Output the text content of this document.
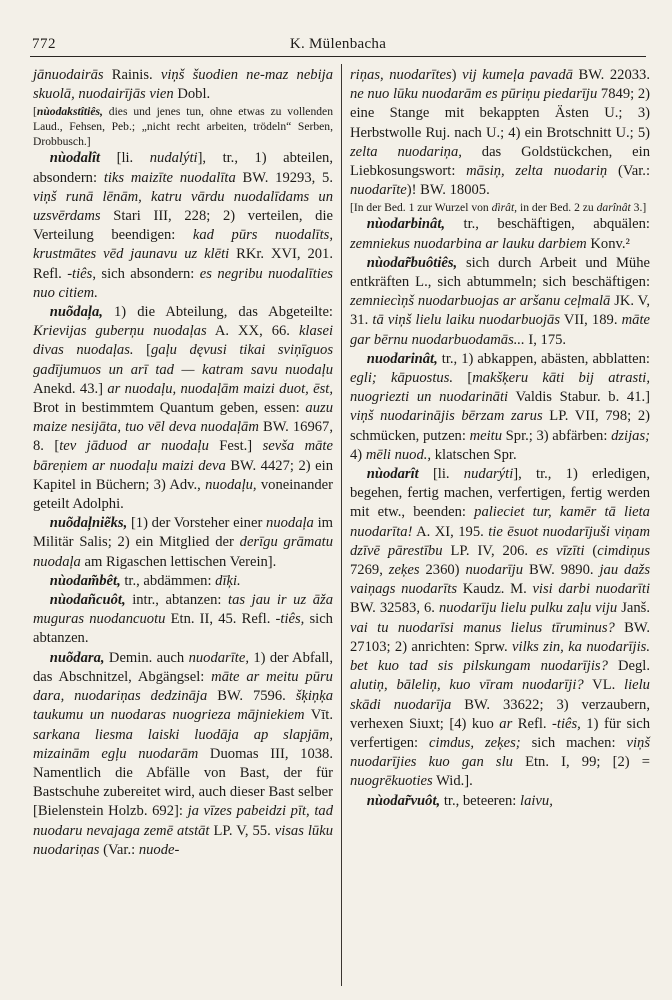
772	K. Mülenbacha

jānuodairās Rainis. viņš šuodien ne-maz nebija skuolā, nuodairījās vien Dobl.

[nùodakstîtiês, dies und jenes tun, ohne etwas zu vollenden Laud., Fehsen, Peb.; „nicht recht arbeiten, trödeln“ Serben, Drobbusch.]

nùodalît [li. nudalýti], tr., 1) abteilen, absondern: tiks maizīte nuodalīta BW. 19293, 5. viņš runā lēnām, katru vārdu nuodalīdams un uzsvērdams Stari III, 228; 2) verteilen, die Verteilung beendigen: kad pūrs nuodalīts, krustmātes vēd jaunavu uz klēti RKr. XVI, 201. Refl. -tiês, sich absondern: es negribu nuodalīties nuo citiem.

nuõdaļa, 1) die Abteilung, das Abgeteilte: Krievijas guberņu nuodaļas A. XX, 66. klasei divas nuodaļas. [gaļu dęvusi tikai sviņīguos gadījumuos un arī tad — katram savu nuodaļu Anekd. 43.] ar nuodaļu, nuodaļām maizi duot, ēst, Brot in bestimmtem Quantum geben, essen: auzu maize nesijāta, tuo vēl deva nuodaļām BW. 16967, 8. [tev jāduod ar nuodaļu Fest.] sevša māte bāreņiem ar nuodaļu maizi deva BW. 4427; 2) ein Kapitel in Büchern; 3) Adv., nuodaļu, voneinander geteilt Adolphi.

nuõdaļniẽks, [1) der Vorsteher einer nuodaļa im Militär Salis; 2) ein Mitglied der derīgu grāmatu nuodaļa am Rigaschen lettischen Verein].

nùodam̃bêt, tr., abdämmen: dīķi.

nùodañcuôt, intr., abtanzen: tas jau ir uz āža muguras nuodancuotu Etn. II, 45. Refl. -tiês, sich abtanzen.

nuõdara, Demin. auch nuodarīte, 1) der Abfall, das Abschnitzel, Abgängsel: māte ar meitu pūru dara, nuodariņas dedzināja BW. 7596. šķiņķa taukumu un nuodaras nuogrieza mājniekiem Vīt. sarkana liesma laiski luodāja ap slapjām, mizainām egļu nuodarām Duomas III, 1038. Namentlich die Abfälle von Bast, der für Bastschuhe zubereitet wird, auch dieser Bast selber [Bielenstein Holzb. 692]: ja vīzes pabeidzi pīt, tad nuodaru nevajaga zemē atstāt LP. V, 55. visas lūku nuodariņas (Var.: nuode-

riņas, nuodarītes) vij kumeļa pavadā BW. 22033. ne nuo lūku nuodarām es pūriņu piedarīju 7849; 2) eine Stange mit bekappten Ästen U.; 3) Herbstwolle Ruj. nach U.; 4) ein Brotschnitt U.; 5) zelta nuodariņa, das Goldstückchen, ein Liebkosungswort: māsiņ, zelta nuodariņ (Var.: nuodarīte)! BW. 18005.

[In der Bed. 1 zur Wurzel von dìrât, in der Bed. 2 zu darînât 3.]

nùodarbinât, tr., beschäftigen, abquälen: zemniekus nuodarbina ar lauku darbiem Konv.²

nùodar̃buôtiês, sich durch Arbeit und Mühe entkräften L., sich abtummeln; sich beschäftigen: zemniecìņš nuodarbuojas ar aršanu ceļmalā JK. V, 31. tā viņš lielu laiku nuodarbuojās VII, 189. māte gar bērnu nuodarbuodamās... I, 175.

nuodarinât, tr., 1) abkappen, abästen, abblatten: egli; kāpuostus. [makšķeru kāti bij atrasti, nuogriezti un nuodarināti Valdis Stabur. b. 41.] viņš nuodarinājis bērzam zarus LP. VII, 798; 2) schmücken, putzen: meitu Spr.; 3) abfärben: dzijas; 4) mēli nuod., klatschen Spr.

nùodarît [li. nudarýti], tr., 1) erledigen, begehen, fertig machen, verfertigen, fertig werden mit etw., beenden: palieciet tur, kamēr tā lieta nuodarīta! A. XI, 195. tie ēsuot nuodarījuši viņam dzīvē pārestību LP. IV, 206. es vīzīti (cimdiņus 7269, zeķes 2360) nuodarīju BW. 9890. jau dažs vaiņags nuodarīts Kaudz. M. visi darbi nuodarīti BW. 32583, 6. nuodarīju lielu pulku zaļu viju Janš. vai tu nuodarīsi manus lielus tīruminus? BW. 27103; 2) anrichten: Sprw. vilks zin, ka nuodarījis. bet kuo tad sis pilskungam nuodarījis? Degl. alutiņ, bāleliņ, kuo vīram nuodarīji? VL. lielu skādi nuodarīja BW. 33622; 3) verzaubern, verhexen Siuxt; [4) kuo ar Refl. -tiês, 1) für sich verfertigen: cimdus, zeķes; sich machen: viņš nuodarījies kuo gan slu Etn. I, 99; [2) = nuogrēkuoties Wid.].

nùodar̃vuôt, tr., beteeren: laivu,
